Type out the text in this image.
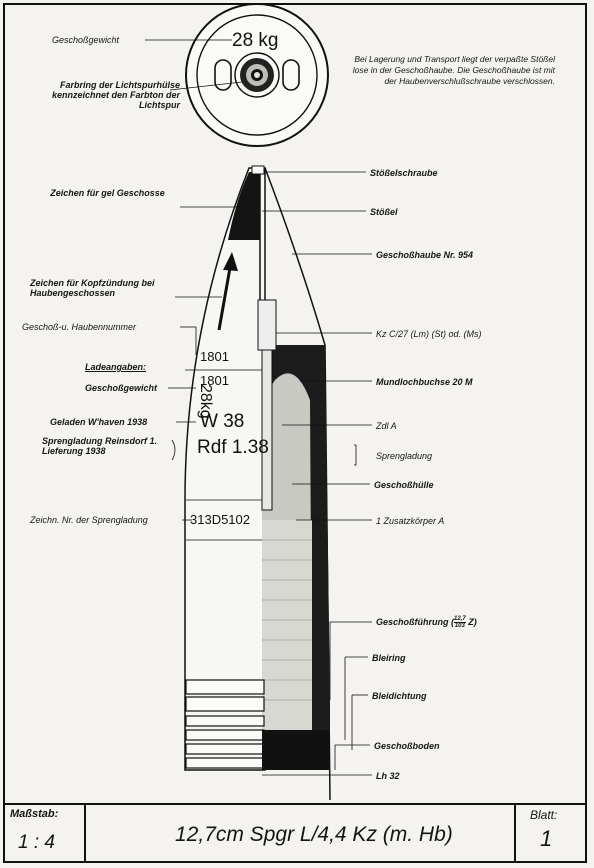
Geschoßgewicht	28 kg
Farbring der Lichtspurhülse kennzeichnet den Farbton der Lichtspur
Bei Lagerung und Transport liegt der verpaßte Stößel lose in der Geschoßhaube. Die Geschoßhaube ist mit der Haubenverschlußschraube verschlossen.
Zeichen für gel Geschosse
Zeichen für Kopfzündung bei Haubengeschossen
Geschoß-u. Haubennummer
Ladeangaben:
Geschoßgewicht
Geladen W'haven 1938
Sprengladung Reinsdorf 1. Lieferung 1938
Zeichn. Nr. der Sprengladung
1801
1801
28kg
W 38
Rdf 1.38
313D5102
Stößelschraube
Stößel
Geschoßhaube Nr. 954
Kz C/27 (Lm) (St) od. (Ms)
Mundlochbuchse 20 M
Zdl A
Sprengladung
Geschoßhülle
1 Zusatzkörper A
Geschoßführung ( $\frac{12,7}{103} Z$)
Bleiring
Bleidichtung
Geschoßboden
Lh 32
Maßstab:
1 : 4	12,7cm Spgr L/4,4 Kz (m. Hb)
Blatt:
1
